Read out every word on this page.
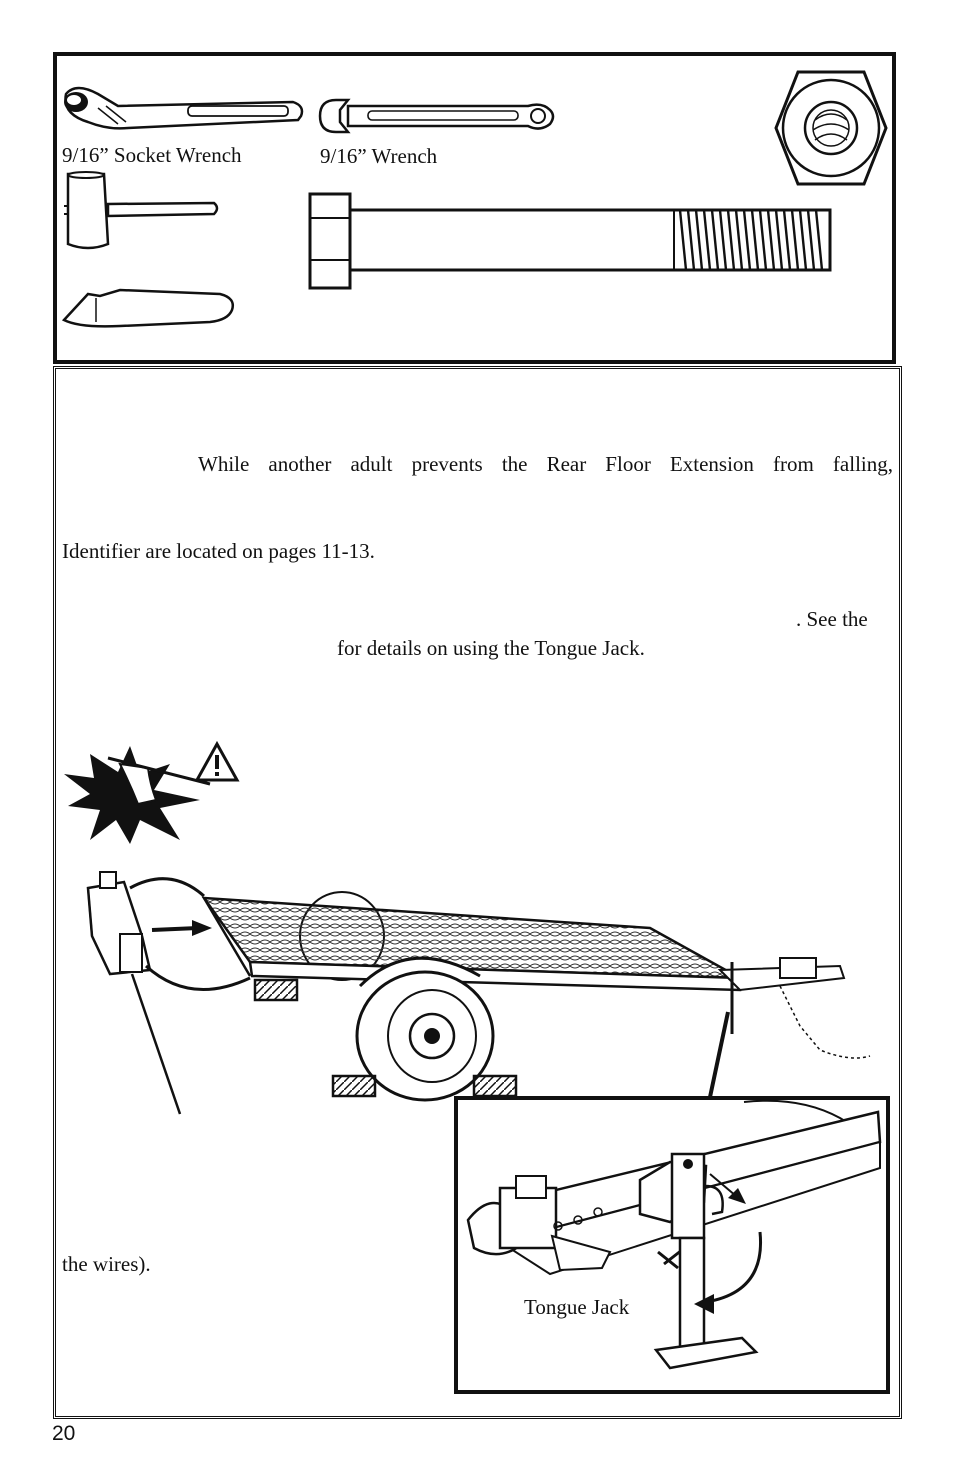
9/16” Socket Wrench	9/16” Wrench
While another adult prevents the Rear Floor Extension from falling,
Identifier are located on pages 11-13.
. See the
for details on using the Tongue Jack.
the wires).
Tongue Jack
20
